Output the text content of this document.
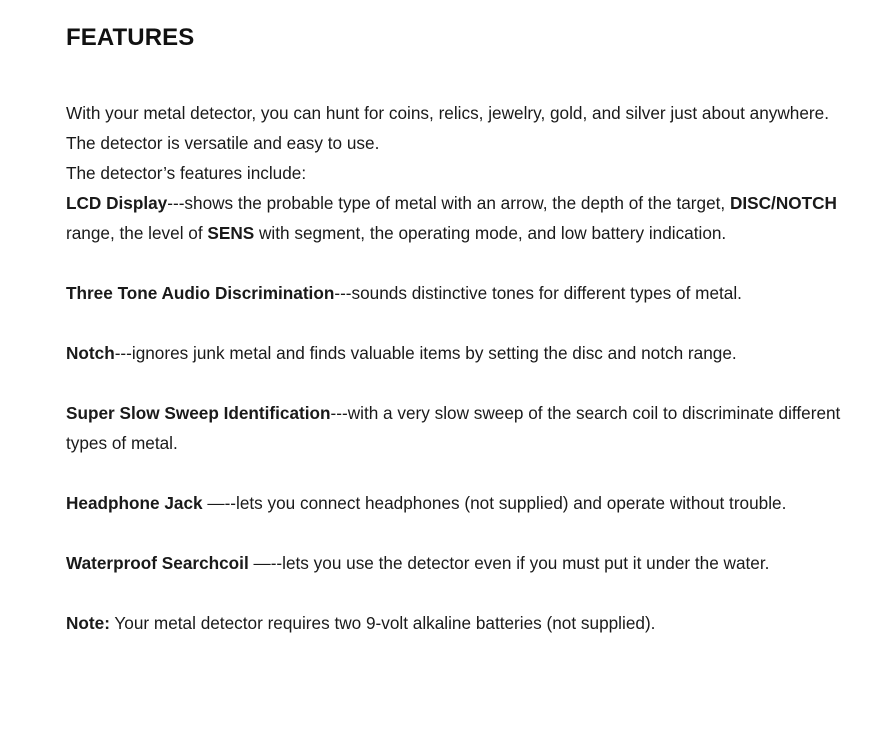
FEATURES

With your metal detector, you can hunt for coins, relics, jewelry, gold, and silver just about anywhere. The detector is versatile and easy to use.

The detector’s features include:

LCD Display---shows the probable type of metal with an arrow, the depth of the target, DISC/NOTCH range, the level of SENS with segment, the operating mode, and low battery indication.

Three Tone Audio Discrimination---sounds distinctive tones for different types of metal.

Notch---ignores junk metal and finds valuable items by setting the disc and notch range.

Super Slow Sweep Identification---with a very slow sweep of the search coil to discriminate different types of metal.

Headphone Jack —--lets you connect headphones (not supplied) and operate without trouble.

Waterproof Searchcoil —--lets you use the detector even if you must put it under the water.

Note: Your metal detector requires two 9-volt alkaline batteries (not supplied).
